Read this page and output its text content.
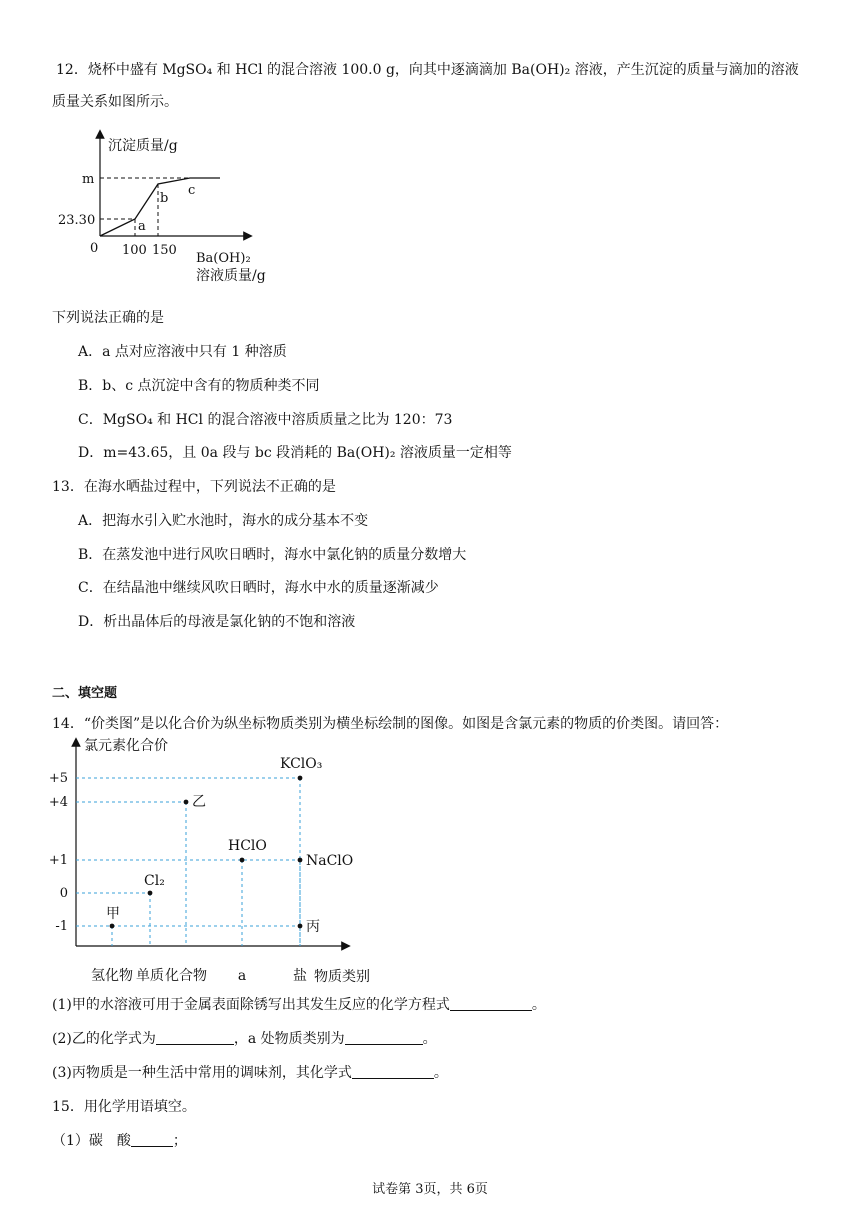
12．烧杯中盛有 MgSO₄ 和 HCl 的混合溶液 100.0 g，向其中逐滴滴加 Ba(OH)₂ 溶液，产生沉淀的质量与滴加的溶液
质量关系如图所示。
沉淀质量/g
m
23.30
0 100 150
a
b
c
Ba(OH)₂
溶液质量/g
下列说法正确的是
A．a 点对应溶液中只有 1 种溶质
B．b、c 点沉淀中含有的物质种类不同
C．MgSO₄ 和 HCl 的混合溶液中溶质质量之比为 120：73
D．m=43.65，且 0a 段与 bc 段消耗的 Ba(OH)₂ 溶液质量一定相等
13．在海水晒盐过程中，下列说法不正确的是
A．把海水引入贮水池时，海水的成分基本不变
B．在蒸发池中进行风吹日晒时，海水中氯化钠的质量分数增大
C．在结晶池中继续风吹日晒时，海水中水的质量逐渐减少
D．析出晶体后的母液是氯化钠的不饱和溶液
二、填空题
14．“价类图”是以化合价为纵坐标物质类别为横坐标绘制的图像。如图是含氯元素的物质的价类图。请回答：
氯元素化合价
物质类别
+5
+4
+1
0
-1
氢化物 单质 化合物 a	盐
甲
Cl₂
乙
HClO
KClO₃
NaClO
丙
(1)甲的水溶液可用于金属表面除锈写出其发生反应的化学方程式	。
(2)乙的化学式为	，a 处物质类别为	。
(3)丙物质是一种生活中常用的调味剂，其化学式	。
15．用化学用语填空。
（1）碳　酸	；
试卷第 3页，共 6页
